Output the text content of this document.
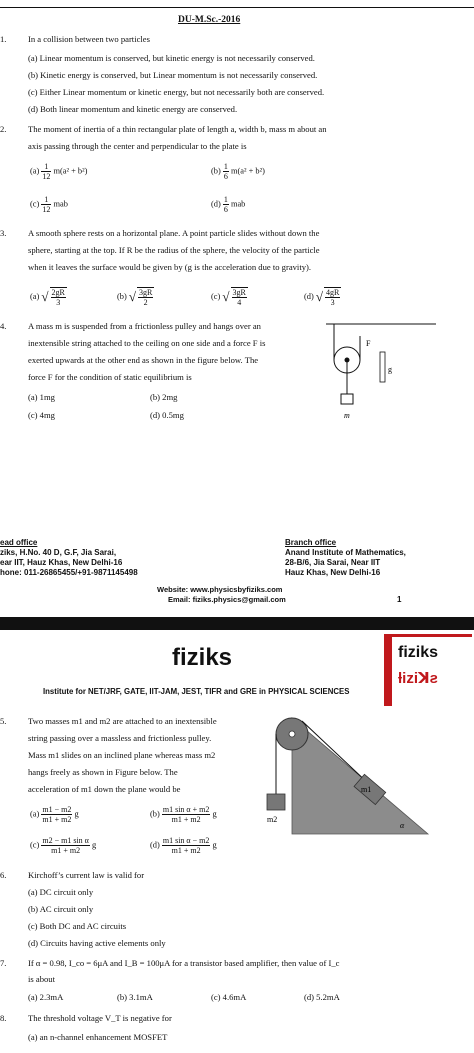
DU-M.Sc.-2016
1.	In a collision between two particles
(a) Linear momentum is conserved, but kinetic energy is not necessarily conserved.
(b) Kinetic energy is conserved, but Linear momentum is not necessarily conserved.
(c) Either Linear momentum or kinetic energy, but not necessarily both are conserved.
(d) Both linear momentum and kinetic energy are conserved.
2.	The moment of inertia of a thin rectangular plate of length a, width b, mass m about an
axis passing through the center and perpendicular to the plate is
$(a) \frac{1}{12} m(a^2 + b^2)$	$(b) \frac{1}{6} m(a^2 + b^2)$
$(c) \frac{1}{12}$ mab	$(d) \frac{1}{6}$ mab
3.	A smooth sphere rests on a horizontal plane. A point particle slides without down the
sphere, starting at the top. If R be the radius of the sphere, the velocity of the particle
when it leaves the surface would be given by (g is the acceleration due to gravity).
(a) √ $\frac{2gR}{3}$	(b) √ $\frac{3gR}{2}$	(c) √ $\frac{3gR}{4}$	(d) √ $\frac{4gR}{3}$
4.	A mass m is suspended from a frictionless pulley and hangs over an
inextensible string attached to the ceiling on one side and a force F is
exerted upwards at the other end as shown in the figure below. The
force F for the condition of static equilibrium is
(a) 1mg	(b) 2mg
(c) 4mg	(d) 0.5mg
F
g
m
ead office
ziks, H.No. 40 D, G.F, Jia Sarai,
ear IIT, Hauz Khas, New Delhi-16
hone: 011-26865455/+91-9871145498
Branch office
Anand Institute of Mathematics,
28-B/6, Jia Sarai, Near IIT
Hauz Khas, New Delhi-16
Website: www.physicsbyfiziks.com
Email: fiziks.physics@gmail.com	1
fiziks
Institute for NET/JRF, GATE, IIT-JAM, JEST, TIFR and GRE in PHYSICAL SCIENCES
fiziks
ƚiziꓘƨ
5.	Two masses m1 and m2 are attached to an inextensible
string passing over a massless and frictionless pulley.
Mass m1 slides on an inclined plane whereas mass m2
hangs freely as shown in Figure below. The
acceleration of m1 down the plane would be
$(a) \frac{m1 - m2}{m1 + m2}$ g	$(b) \frac{\text{m1 sin α + m2}}{m1 + m2}$ g
$(c) \frac{\text{m2 − m1 sin α}}{m1 + m2}$ g	$(d) \frac{\text{m1 sin α − m2}}{m1 + m2}$ g
m1
m2
α
6.	Kirchoff’s current law is valid for
(a) DC circuit only
(b) AC circuit only
(c) Both DC and AC circuits
(d) Circuits having active elements only
7.	If α = 0.98, I_co = 6μA and I_B = 100μA for a transistor based amplifier, then value of I_c
is about
(a) 2.3mA	(b) 3.1mA	(c) 4.6mA	(d) 5.2mA
8.	The threshold voltage V_T is negative for
(a) an n-channel enhancement MOSFET
